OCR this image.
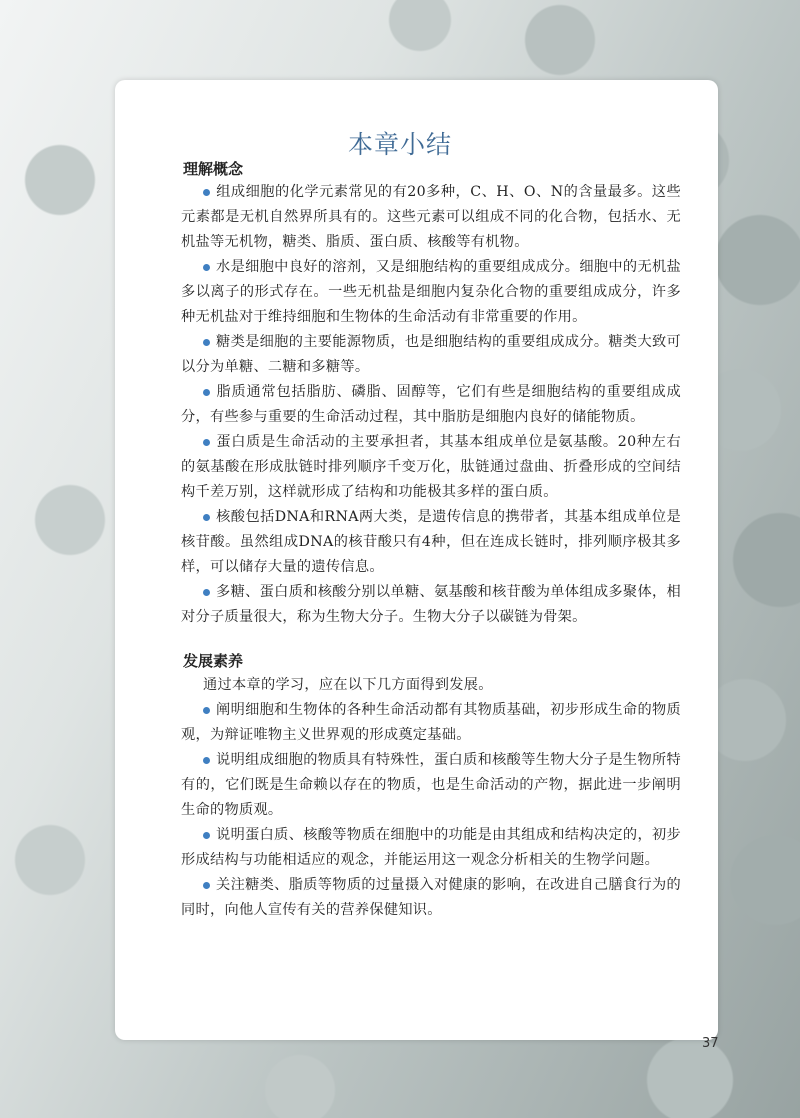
本章小结
理解概念

组成细胞的化学元素常见的有20多种，C、H、O、N的含量最多。这些元素都是无机自然界所具有的。这些元素可以组成不同的化合物，包括水、无机盐等无机物，糖类、脂质、蛋白质、核酸等有机物。

水是细胞中良好的溶剂，又是细胞结构的重要组成成分。细胞中的无机盐多以离子的形式存在。一些无机盐是细胞内复杂化合物的重要组成成分，许多种无机盐对于维持细胞和生物体的生命活动有非常重要的作用。

糖类是细胞的主要能源物质，也是细胞结构的重要组成成分。糖类大致可以分为单糖、二糖和多糖等。

脂质通常包括脂肪、磷脂、固醇等，它们有些是细胞结构的重要组成成分，有些参与重要的生命活动过程，其中脂肪是细胞内良好的储能物质。

蛋白质是生命活动的主要承担者，其基本组成单位是氨基酸。20种左右的氨基酸在形成肽链时排列顺序千变万化，肽链通过盘曲、折叠形成的空间结构千差万别，这样就形成了结构和功能极其多样的蛋白质。

核酸包括DNA和RNA两大类，是遗传信息的携带者，其基本组成单位是核苷酸。虽然组成DNA的核苷酸只有4种，但在连成长链时，排列顺序极其多样，可以储存大量的遗传信息。

多糖、蛋白质和核酸分别以单糖、氨基酸和核苷酸为单体组成多聚体，相对分子质量很大，称为生物大分子。生物大分子以碳链为骨架。

发展素养

通过本章的学习，应在以下几方面得到发展。

阐明细胞和生物体的各种生命活动都有其物质基础，初步形成生命的物质观，为辩证唯物主义世界观的形成奠定基础。

说明组成细胞的物质具有特殊性，蛋白质和核酸等生物大分子是生物所特有的，它们既是生命赖以存在的物质，也是生命活动的产物，据此进一步阐明生命的物质观。

说明蛋白质、核酸等物质在细胞中的功能是由其组成和结构决定的，初步形成结构与功能相适应的观念，并能运用这一观念分析相关的生物学问题。

关注糖类、脂质等物质的过量摄入对健康的影响，在改进自己膳食行为的同时，向他人宣传有关的营养保健知识。

37
